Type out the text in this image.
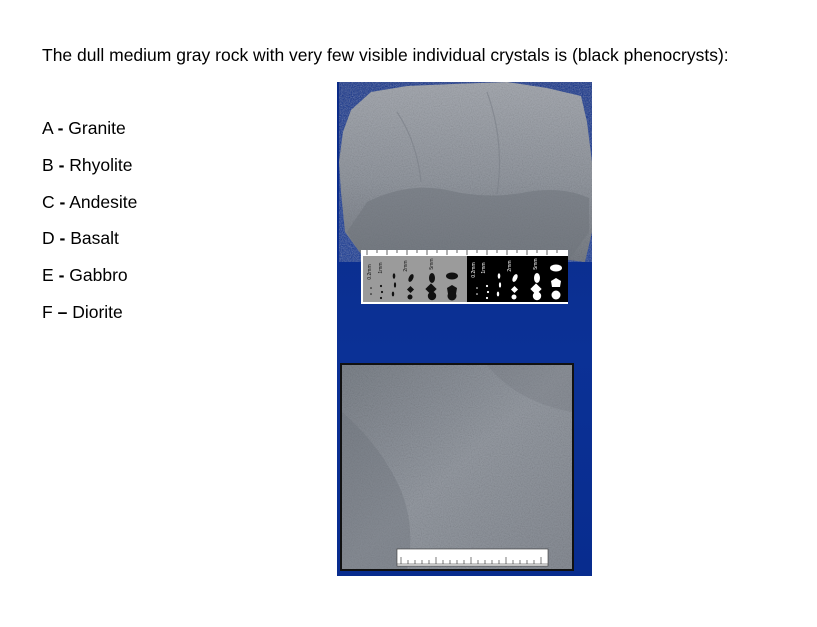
The dull medium gray rock with very few visible individual crystals is (black phenocrysts):
A - Granite
B - Rhyolite
C - Andesite
D - Basalt
E - Gabbro
F – Diorite
0.2mm 1mm	2mm	5mm	0.2mm 1mm	2mm	5mm
